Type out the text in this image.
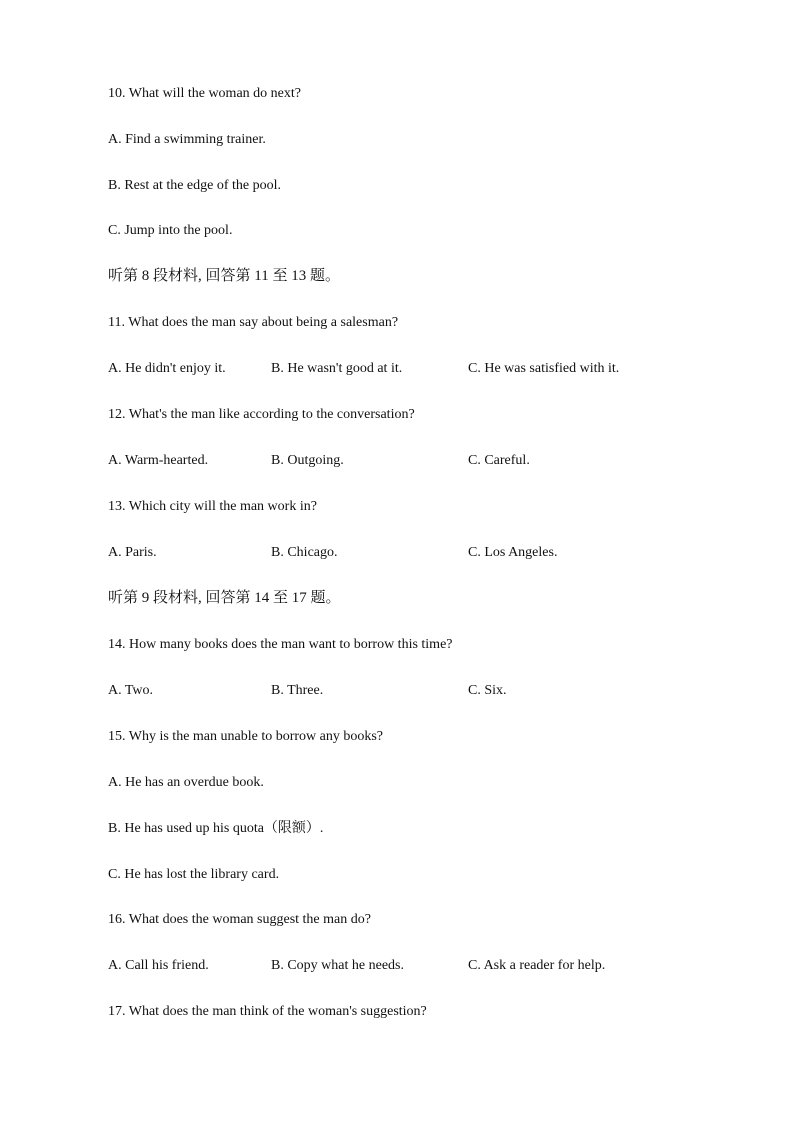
10. What will the woman do next?
A. Find a swimming trainer.
B. Rest at the edge of the pool.
C. Jump into the pool.
听第 8 段材料, 回答第 11 至 13 题。
11. What does the man say about being a salesman?
A. He didn't enjoy it.	B. He wasn't good at it.	C. He was satisfied with it.
12. What's the man like according to the conversation?
A. Warm-hearted.	B. Outgoing.	C. Careful.
13. Which city will the man work in?
A. Paris.	B. Chicago.	C. Los Angeles.
听第 9 段材料, 回答第 14 至 17 题。
14. How many books does the man want to borrow this time?
A. Two.	B. Three.	C. Six.
15. Why is the man unable to borrow any books?
A. He has an overdue book.
B. He has used up his quota（限额）.
C. He has lost the library card.
16. What does the woman suggest the man do?
A. Call his friend.	B. Copy what he needs.	C. Ask a reader for help.
17. What does the man think of the woman's suggestion?
